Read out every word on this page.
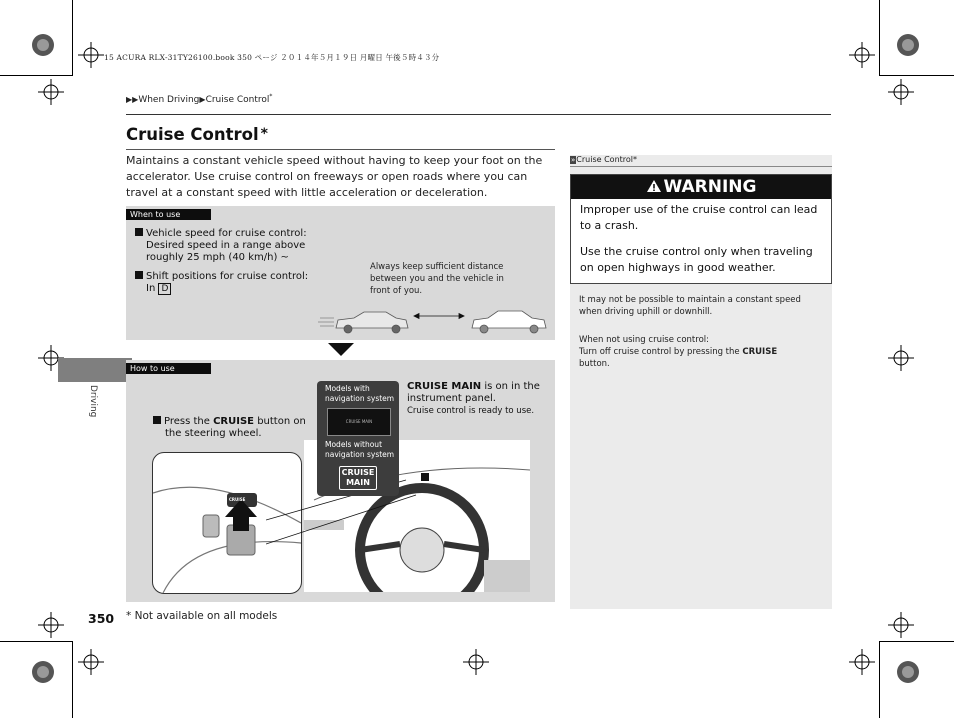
15 ACURA RLX-31TY26100.book 350 ページ ２０１４年５月１９日 月曜日 午後５時４３分
▶▶When Driving▶Cruise Control*
Cruise Control *
Maintains a constant vehicle speed without having to keep your foot on the accelerator. Use cruise control on freeways or open roads where you can travel at a constant speed with little acceleration or deceleration.
Driving
When to use
Vehicle speed for cruise control:
Desired speed in a range above
roughly 25 mph (40 km/h) ~
Shift positions for cruise control:
In D
Always keep sufficient distance
between you and the vehicle in
front of you.
How to use
Press the CRUISE button on
the steering wheel.
CRUISE MAIN is on in the
instrument panel.
Cruise control is ready to use.
CRUISE
Models with
navigation system
CRUISE MAIN
Models without
navigation system
CRUISE
MAIN
»Cruise Control*
WARNING
Improper use of the cruise control can lead to a crash.
Use the cruise control only when traveling on open highways in good weather.
It may not be possible to maintain a constant speed when driving uphill or downhill.
When not using cruise control:
Turn off cruise control by pressing the CRUISE
button.
350 * Not available on all models
